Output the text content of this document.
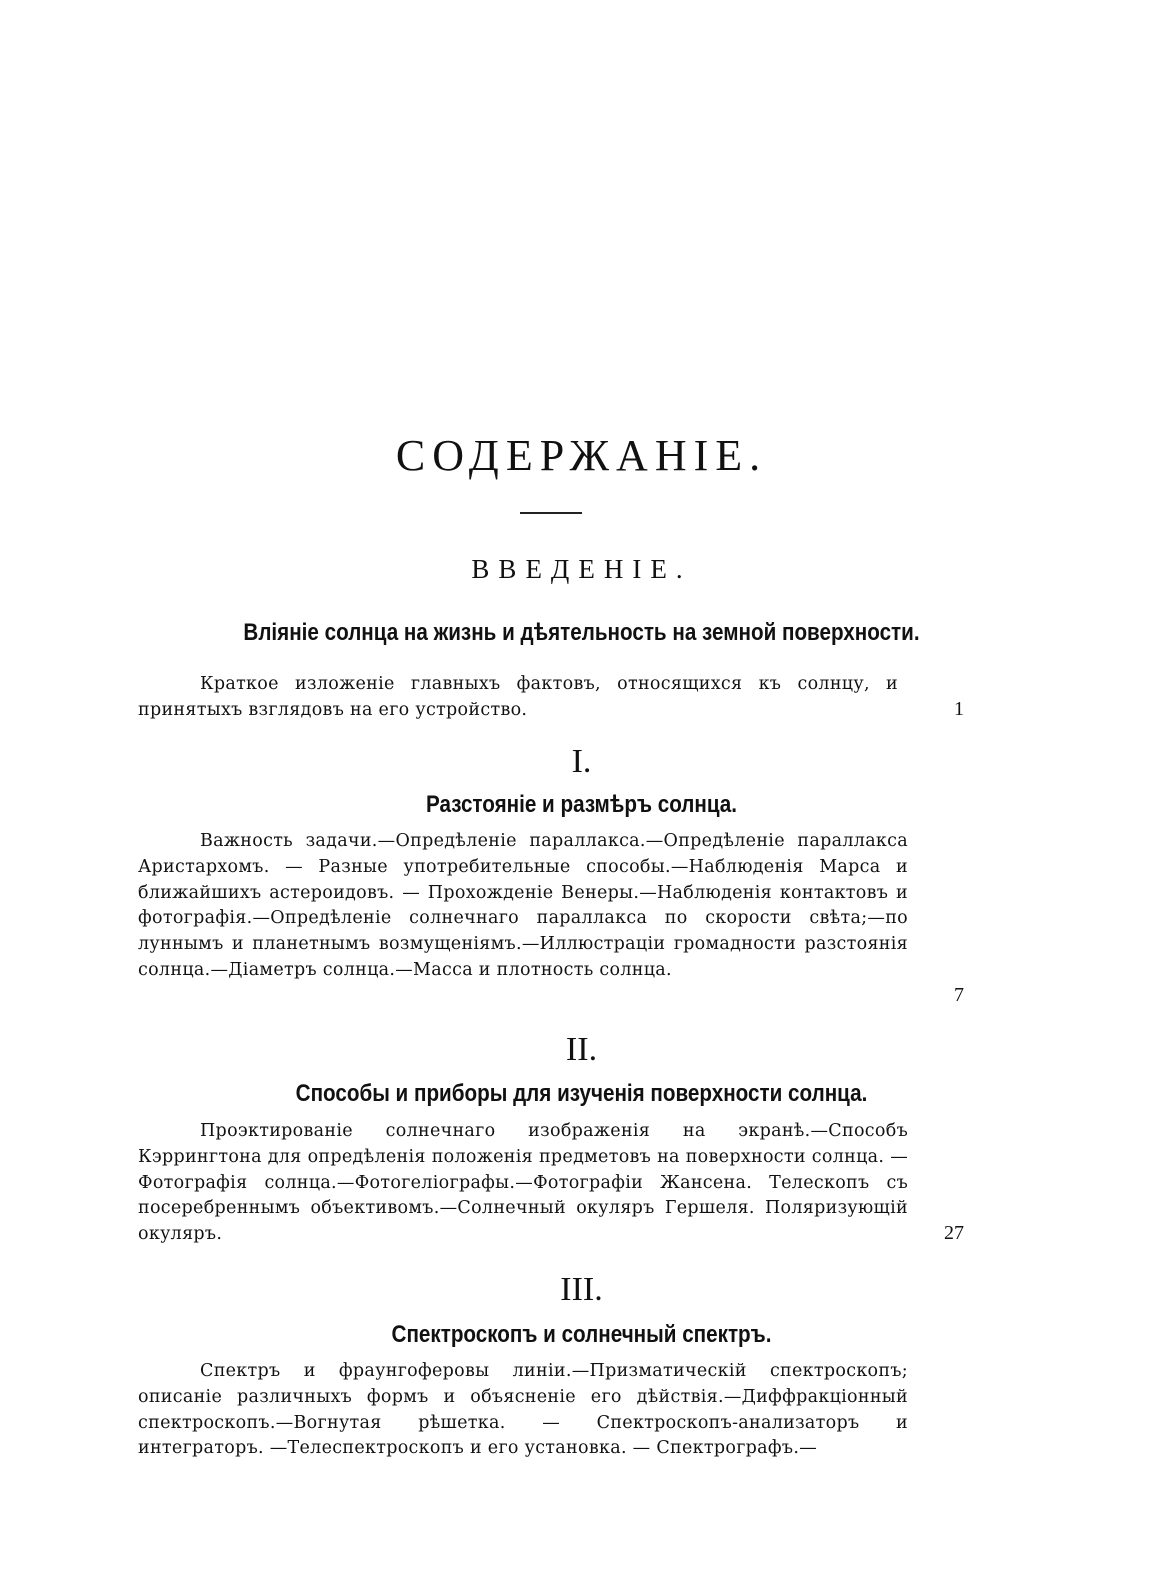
СОДЕРЖАНІЕ.
ВВЕДЕНІЕ.
Вліяніе солнца на жизнь и дѣятельность на земной поверхности.
Краткое изложеніе главныхъ фактовъ, относящихся къ солнцу, и принятыхъ взглядовъ на его устройство.	1
I.
Разстояніе и размѣръ солнца.
Важность задачи.—Опредѣленіе параллакса.—Опредѣленіе параллакса Аристархомъ. — Разные употребительные способы.—Наблюденія Марса и ближайшихъ астероидовъ. — Прохожденіе Венеры.—Наблюденія контактовъ и фотографія.—Опредѣленіе солнечнаго параллакса по скорости свѣта;—по луннымъ и планетнымъ возмущеніямъ.—Иллюстраціи громадности разстоянія солнца.—Діаметръ солнца.—Масса и плотность солнца.
7
II.
Способы и приборы для изученія поверхности солнца.
Проэктированіе солнечнаго изображенія на экранѣ.—Способъ Кэррингтона для опредѣленія положенія предметовъ на поверхности солнца. — Фотографія солнца.—Фотогеліографы.—Фотографіи Жансена. Телескопъ съ посеребреннымъ объективомъ.—Солнечный окуляръ Гершеля. Поляризующій окуляръ.	27
III.
Спектроскопъ и солнечный спектръ.
Спектръ и фраунгоферовы линіи.—Призматическій спектроскопъ; описаніе различныхъ формъ и объясненіе его дѣйствія.—Диффракціонный спектроскопъ.—Вогнутая рѣшетка. — Спектроскопъ-анализаторъ и интеграторъ. —Телеспектроскопъ и его установка. — Спектрографъ.—
